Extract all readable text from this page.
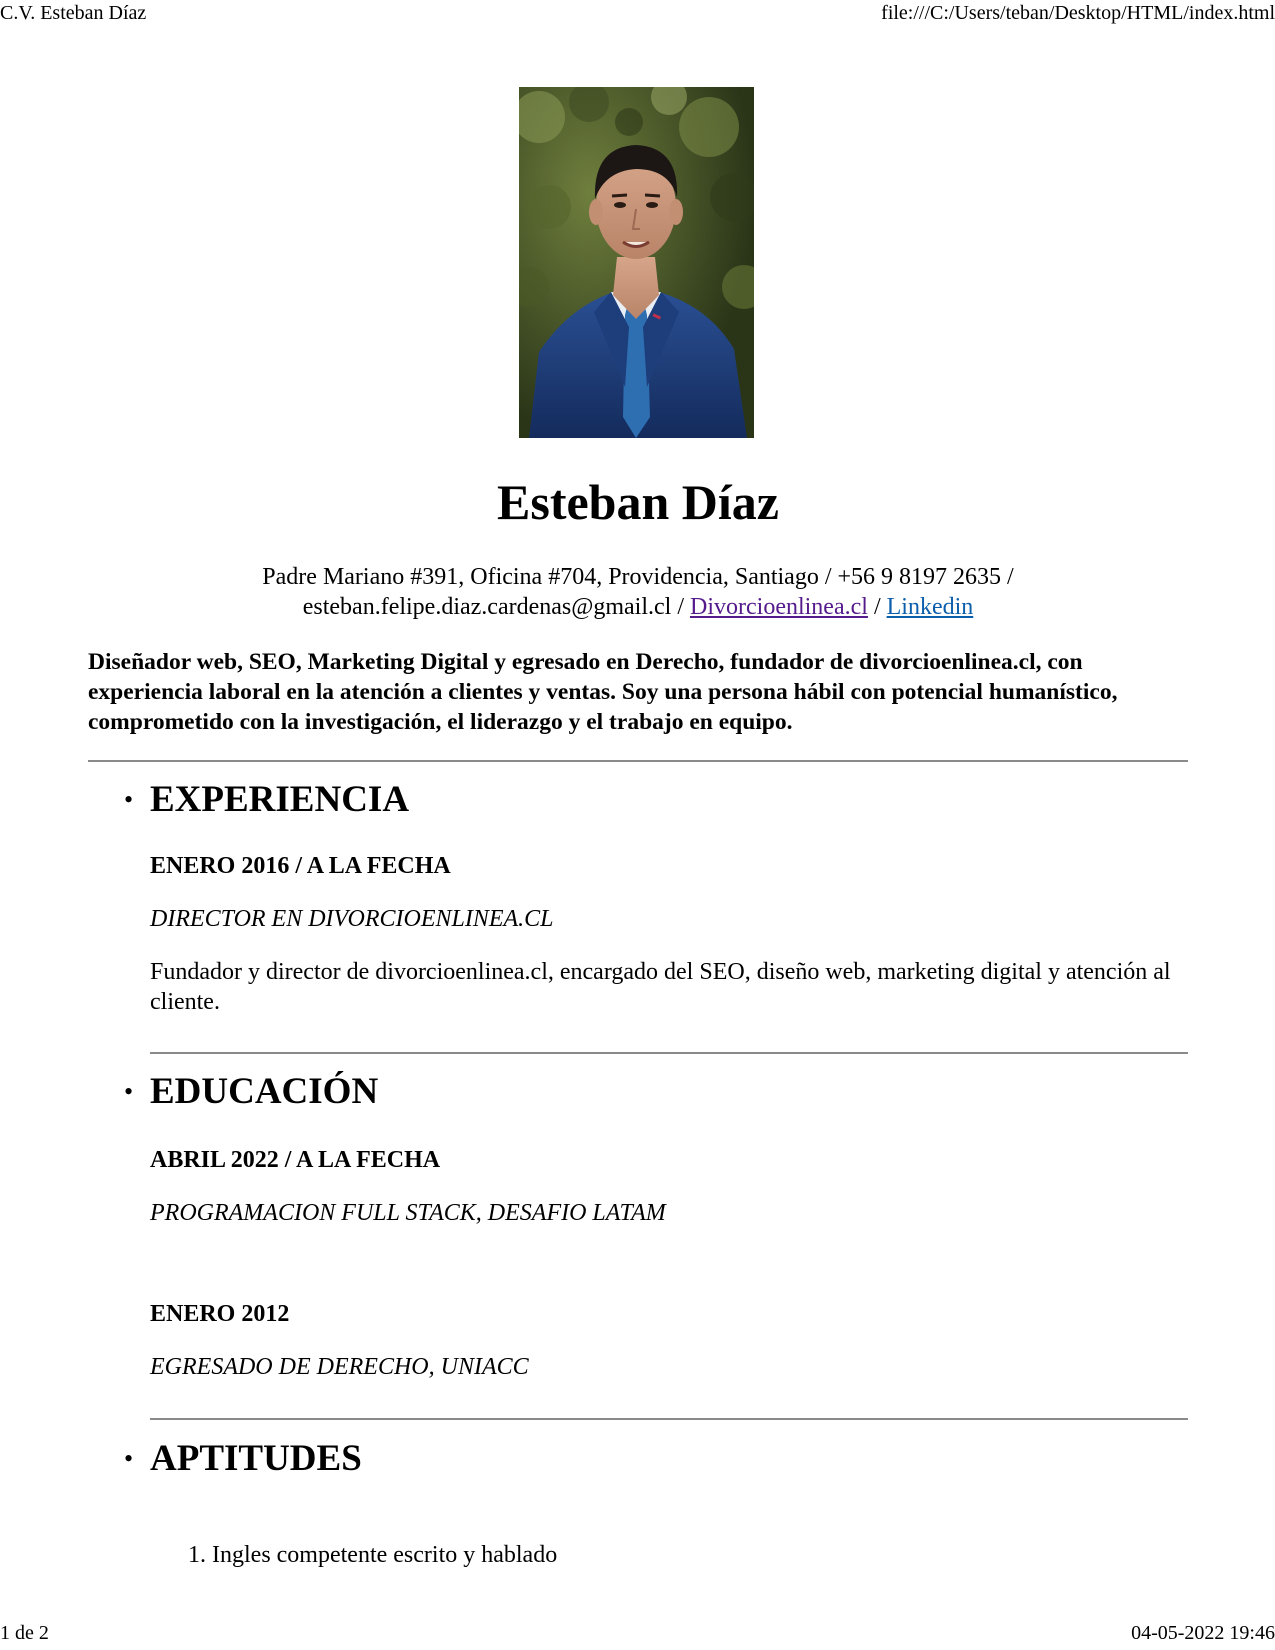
C.V. Esteban Díaz	file:///C:/Users/teban/Desktop/HTML/index.html
1 de 2	04-05-2022 19:46
Esteban Díaz
Padre Mariano #391, Oficina #704, Providencia, Santiago / +56 9 8197 2635 /
esteban.felipe.diaz.cardenas@gmail.cl / Divorcioenlinea.cl / Linkedin

Diseñador web, SEO, Marketing Digital y egresado en Derecho, fundador de divorcioenlinea.cl, con experiencia laboral en la atención a clientes y ventas. Soy una persona hábil con potencial humanístico, comprometido con la investigación, el liderazgo y el trabajo en equipo.

• EXPERIENCIA

ENERO 2016 / A LA FECHA

DIRECTOR EN DIVORCIOENLINEA.CL

Fundador y director de divorcioenlinea.cl, encargado del SEO, diseño web, marketing digital y atención al cliente.

• EDUCACIÓN

ABRIL 2022 / A LA FECHA

PROGRAMACION FULL STACK, DESAFIO LATAM

ENERO 2012

EGRESADO DE DERECHO, UNIACC

• APTITUDES
1. Ingles competente escrito y hablado
